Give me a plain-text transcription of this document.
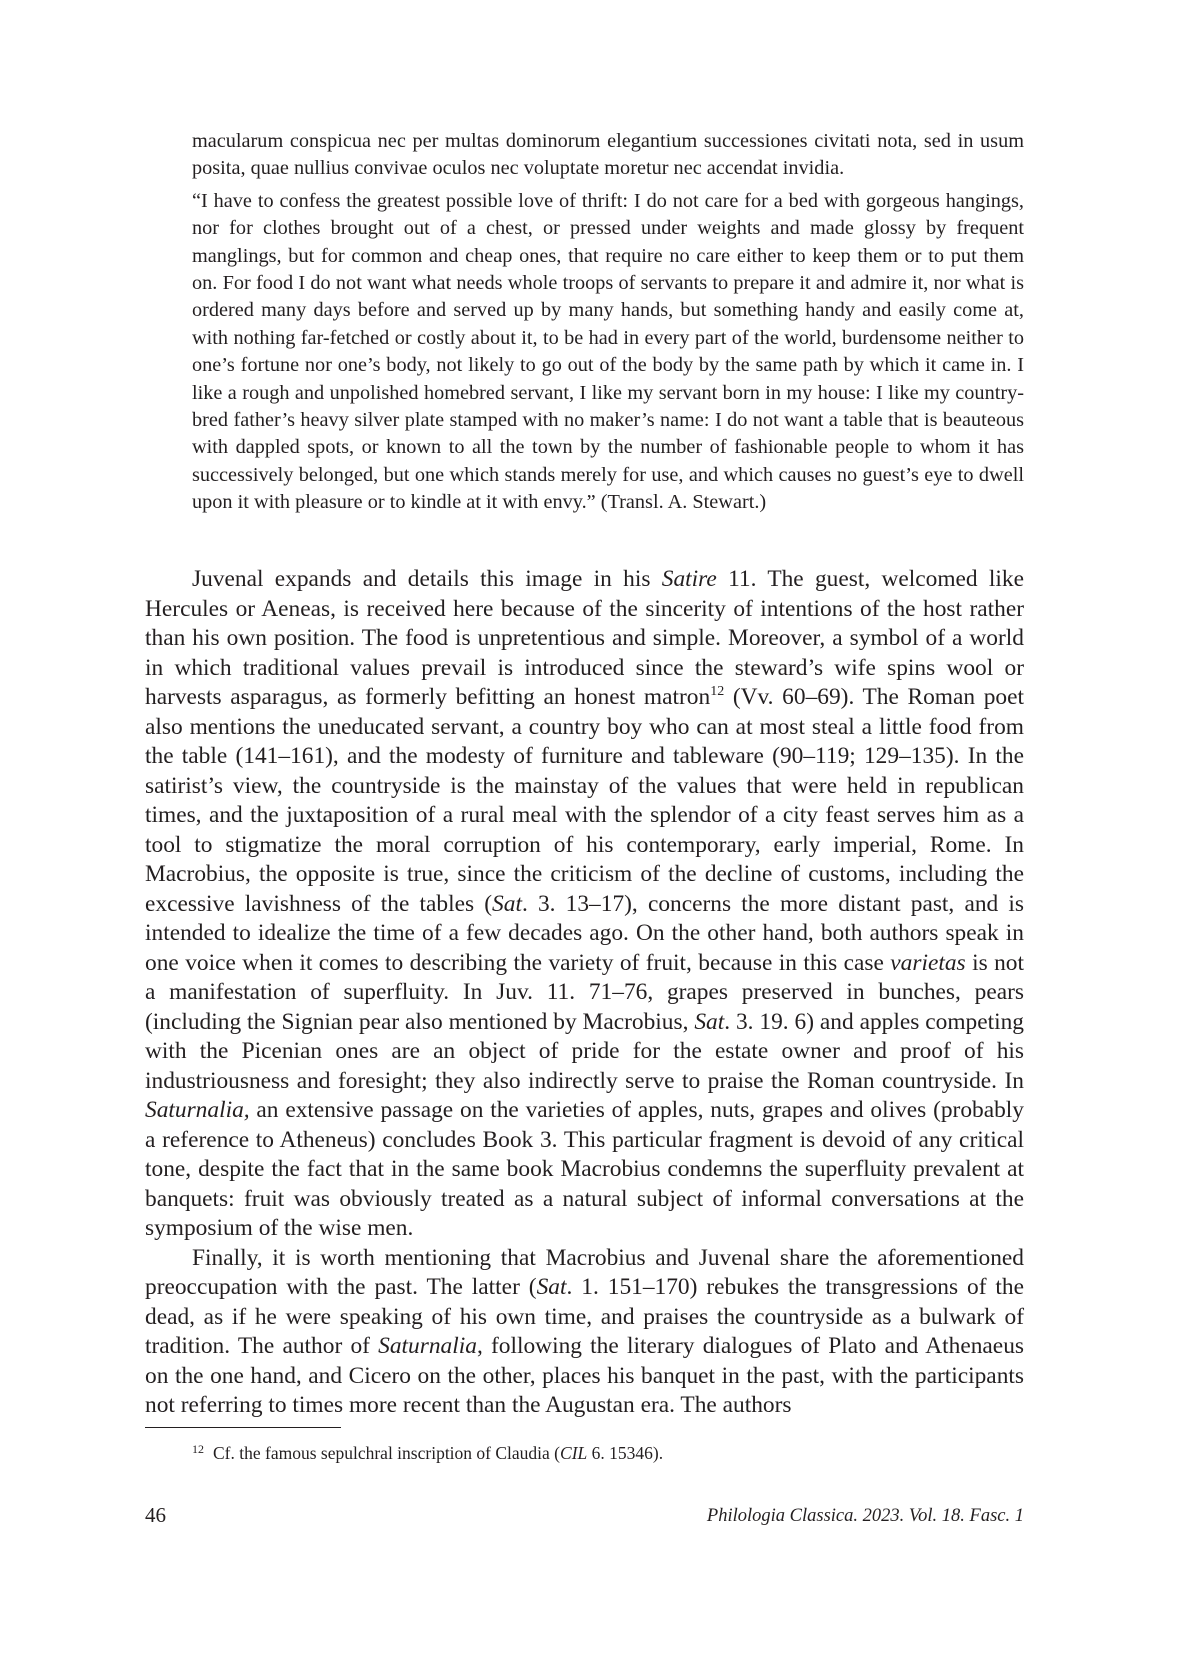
macularum conspicua nec per multas dominorum elegantium successiones civitati nota, sed in usum posita, quae nullius convivae oculos nec voluptate moretur nec accendat invidia.

“I have to confess the greatest possible love of thrift: I do not care for a bed with gorgeous hangings, nor for clothes brought out of a chest, or pressed under weights and made glossy by frequent manglings, but for common and cheap ones, that require no care either to keep them or to put them on. For food I do not want what needs whole troops of servants to prepare it and admire it, nor what is ordered many days before and served up by many hands, but something handy and easily come at, with nothing far-fetched or costly about it, to be had in every part of the world, burdensome neither to one’s fortune nor one’s body, not likely to go out of the body by the same path by which it came in. I like a rough and unpolished homebred servant, I like my servant born in my house: I like my country-bred father’s heavy silver plate stamped with no maker’s name: I do not want a table that is beauteous with dappled spots, or known to all the town by the number of fashionable people to whom it has successively belonged, but one which stands merely for use, and which causes no guest’s eye to dwell upon it with pleasure or to kindle at it with envy.” (Transl. A. Stewart.)

Juvenal expands and details this image in his Satire 11. The guest, welcomed like Hercules or Aeneas, is received here because of the sincerity of intentions of the host rather than his own position. The food is unpretentious and simple. Moreover, a symbol of a world in which traditional values prevail is introduced since the steward’s wife spins wool or harvests asparagus, as formerly befitting an honest matron$^{12}$ (Vv. 60–69). The Roman poet also mentions the uneducated servant, a country boy who can at most steal a little food from the table (141–161), and the modesty of furniture and tableware (90–119; 129–135). In the satirist’s view, the countryside is the mainstay of the values that were held in republican times, and the juxtaposition of a rural meal with the splendor of a city feast serves him as a tool to stigmatize the moral corruption of his contemporary, early imperial, Rome. In Macrobius, the opposite is true, since the criticism of the decline of customs, including the excessive lavishness of the tables (Sat. 3. 13–17), concerns the more distant past, and is intended to idealize the time of a few decades ago. On the other hand, both authors speak in one voice when it comes to describing the variety of fruit, because in this case varietas is not a manifestation of superfluity. In Juv. 11. 71–76, grapes preserved in bunches, pears (including the Signian pear also mentioned by Macrobius, Sat. 3. 19. 6) and apples competing with the Picenian ones are an object of pride for the estate owner and proof of his industriousness and foresight; they also indirectly serve to praise the Roman countryside. In Saturnalia, an extensive passage on the varieties of apples, nuts, grapes and olives (probably a reference to Atheneus) concludes Book 3. This particular fragment is devoid of any critical tone, despite the fact that in the same book Macrobius condemns the superfluity prevalent at banquets: fruit was obviously treated as a natural subject of informal conversations at the symposium of the wise men.

Finally, it is worth mentioning that Macrobius and Juvenal share the aforementioned preoccupation with the past. The latter (Sat. 1. 151–170) rebukes the transgressions of the dead, as if he were speaking of his own time, and praises the countryside as a bulwark of tradition. The author of Saturnalia, following the literary dialogues of Plato and Athenaeus on the one hand, and Cicero on the other, places his banquet in the past, with the participants not referring to times more recent than the Augustan era. The authors

$^{12}$ Cf. the famous sepulchral inscription of Claudia (CIL 6. 15346).
46	Philologia Classica. 2023. Vol. 18. Fasc. 1
